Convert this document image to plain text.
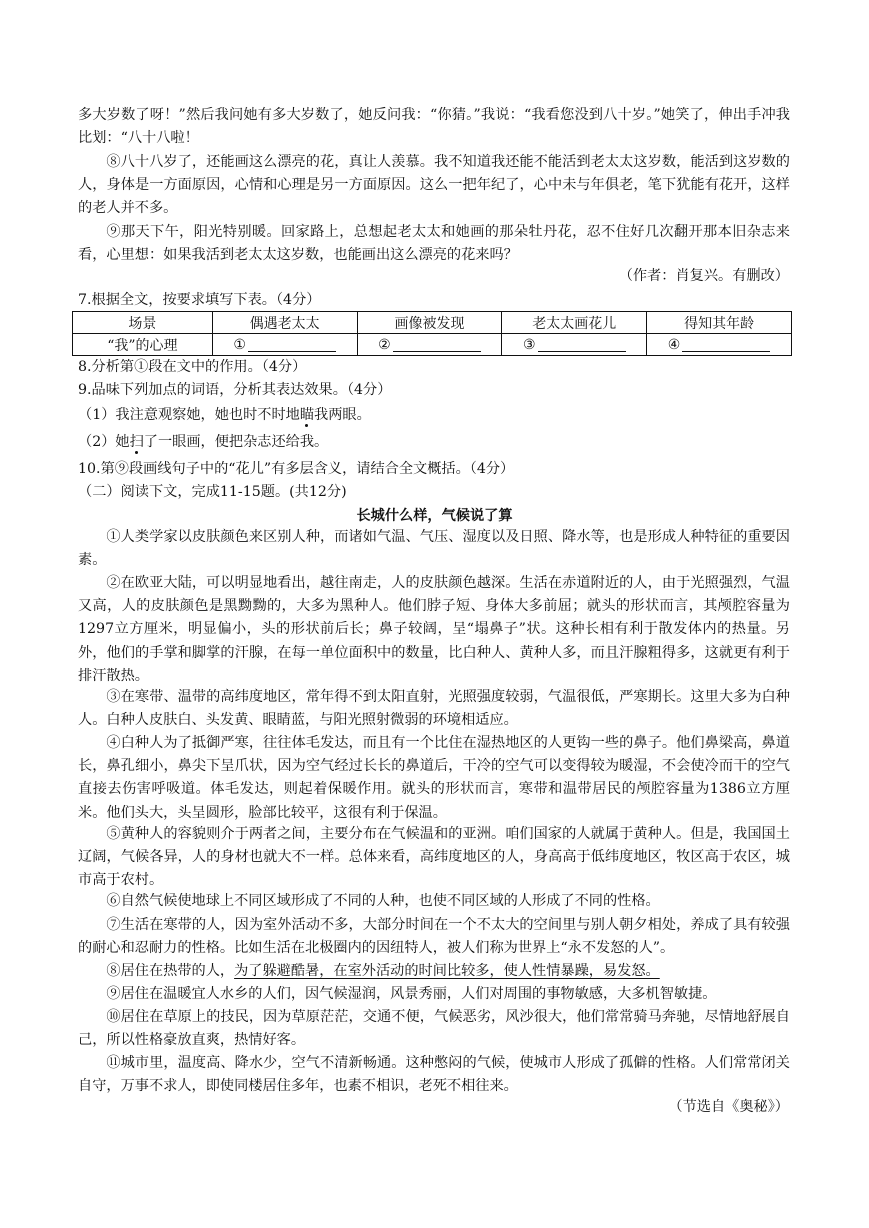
多大岁数了呀！”然后我问她有多大岁数了，她反问我：“你猜。”我说：“我看您没到八十岁。”她笑了，伸出手冲我比划：“八十八啦！
⑧八十八岁了，还能画这么漂亮的花，真让人羡慕。我不知道我还能不能活到老太太这岁数，能活到这岁数的人，身体是一方面原因，心情和心理是另一方面原因。这么一把年纪了，心中未与年俱老，笔下犹能有花开，这样的老人并不多。
⑨那天下午，阳光特别暖。回家路上，总想起老太太和她画的那朵牡丹花，忍不住好几次翻开那本旧杂志来看，心里想：如果我活到老太太这岁数，也能画出这么漂亮的花来吗？
（作者：肖复兴。有删改）
7.根据全文，按要求填写下表。（4分）
场景	偶遇老太太	画像被发现	老太太画花儿	得知其年龄
“我”的心理	①	②	③	④
8.分析第①段在文中的作用。（4分）
9.品味下列加点的词语，分析其表达效果。（4分）
（1）我注意观察她，她也时不时地瞄我两眼。
（2）她扫了一眼画，便把杂志还给我。
10.第⑨段画线句子中的“花儿”有多层含义，请结合全文概括。（4分）
（二）阅读下文，完成11-15题。(共12分)
长城什么样，气候说了算
①人类学家以皮肤颜色来区别人种，而诸如气温、气压、湿度以及日照、降水等，也是形成人种特征的重要因素。
②在欧亚大陆，可以明显地看出，越往南走，人的皮肤颜色越深。生活在赤道附近的人，由于光照强烈，气温又高，人的皮肤颜色是黑黝黝的，大多为黑种人。他们脖子短、身体大多前屈；就头的形状而言，其颅腔容量为1297立方厘米，明显偏小，头的形状前后长；鼻子较阔，呈“塌鼻子”状。这种长相有利于散发体内的热量。另外，他们的手掌和脚掌的汗腺，在每一单位面积中的数量，比白种人、黄种人多，而且汗腺粗得多，这就更有利于排汗散热。
③在寒带、温带的高纬度地区，常年得不到太阳直射，光照强度较弱，气温很低，严寒期长。这里大多为白种人。白种人皮肤白、头发黄、眼睛蓝，与阳光照射微弱的环境相适应。
④白种人为了抵御严寒，往往体毛发达，而且有一个比住在湿热地区的人更钩一些的鼻子。他们鼻梁高，鼻道长，鼻孔细小，鼻尖下呈爪状，因为空气经过长长的鼻道后，干冷的空气可以变得较为暖湿，不会使冷而干的空气直接去伤害呼吸道。体毛发达，则起着保暖作用。就头的形状而言，寒带和温带居民的颅腔容量为1386立方厘米。他们头大，头呈圆形，脸部比较平，这很有利于保温。
⑤黄种人的容貌则介于两者之间，主要分布在气候温和的亚洲。咱们国家的人就属于黄种人。但是，我国国土辽阔，气候各异，人的身材也就大不一样。总体来看，高纬度地区的人，身高高于低纬度地区，牧区高于农区，城市高于农村。
⑥自然气候使地球上不同区域形成了不同的人种，也使不同区域的人形成了不同的性格。
⑦生活在寒带的人，因为室外活动不多，大部分时间在一个不太大的空间里与别人朝夕相处，养成了具有较强的耐心和忍耐力的性格。比如生活在北极圈内的因纽特人，被人们称为世界上“永不发怒的人”。
⑧居住在热带的人，为了躲避酷暑，在室外活动的时间比较多，使人性情暴躁，易发怒。
⑨居住在温暖宜人水乡的人们，因气候湿润，风景秀丽，人们对周围的事物敏感，大多机智敏捷。
⑩居住在草原上的技民，因为草原茫茫，交通不便，气候恶劣，风沙很大，他们常常骑马奔驰，尽情地舒展自己，所以性格豪放直爽，热情好客。
⑪城市里，温度高、降水少，空气不清新畅通。这种憋闷的气候，使城市人形成了孤僻的性格。人们常常闭关自守，万事不求人，即使同楼居住多年，也素不相识，老死不相往来。
（节选自《奥秘》）
